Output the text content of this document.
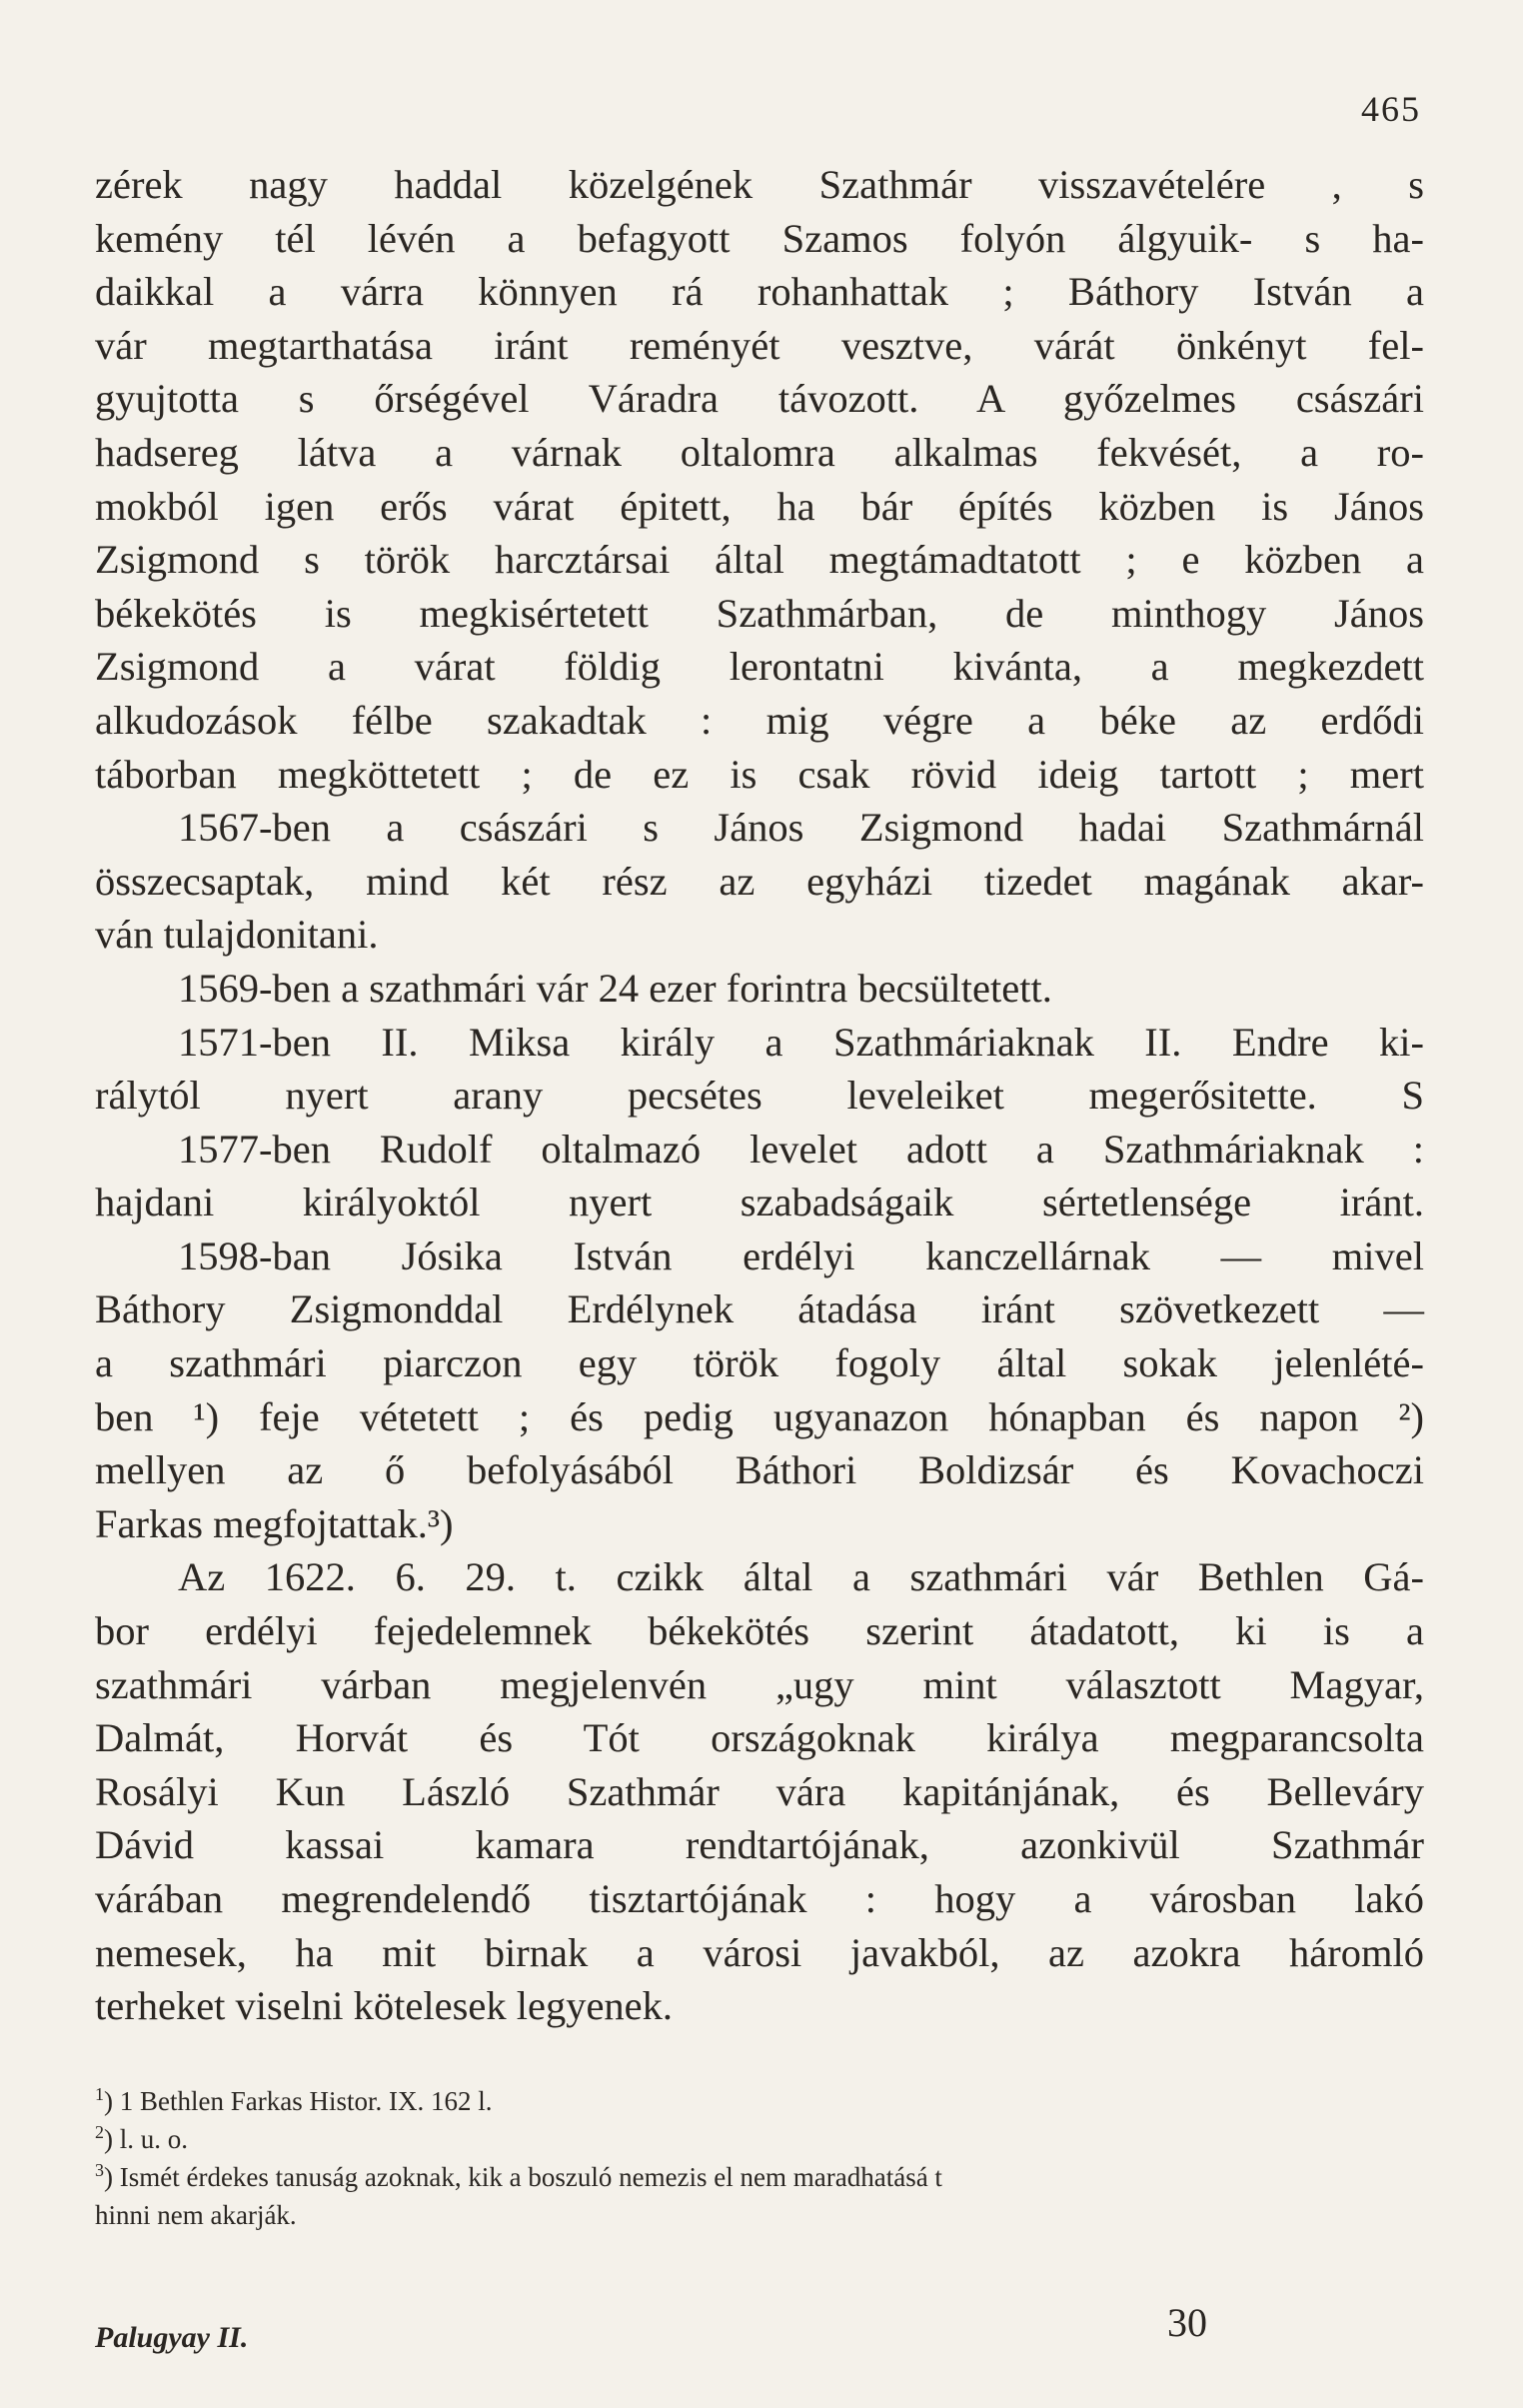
465
zérek nagy haddal közelgének Szathmár visszavételére , s
kemény tél lévén a befagyott Szamos folyón álgyuik- s ha-
daikkal a várra könnyen rá rohanhattak ; Báthory István a
vár megtarthatása iránt reményét vesztve, várát önkényt fel-
gyujtotta s őrségével Váradra távozott. A győzelmes császári
hadsereg látva a várnak oltalomra alkalmas fekvését, a ro-
mokból igen erős várat épitett, ha bár építés közben is János
Zsigmond s török harcztársai által megtámadtatott ; e közben a
békekötés is megkisértetett Szathmárban, de minthogy János
Zsigmond a várat földig lerontatni kivánta, a megkezdett
alkudozások félbe szakadtak : mig végre a béke az erdődi
táborban megköttetett ; de ez is csak rövid ideig tartott ; mert
1567-ben a császári s János Zsigmond hadai Szathmárnál
összecsaptak, mind két rész az egyházi tizedet magának akar-
ván tulajdonitani.
1569-ben a szathmári vár 24 ezer forintra becsültetett.
1571-ben II. Miksa király a Szathmáriaknak II. Endre ki-
rálytól nyert arany pecsétes leveleiket megerősitette. S
1577-ben Rudolf oltalmazó levelet adott a Szathmáriaknak :
hajdani királyoktól nyert szabadságaik sértetlensége iránt.
1598-ban Jósika István erdélyi kanczellárnak — mivel
Báthory Zsigmonddal Erdélynek átadása iránt szövetkezett —
a szathmári piarczon egy török fogoly által sokak jelenlété-
ben ¹) feje vétetett ; és pedig ugyanazon hónapban és napon ²)
mellyen az ő befolyásából Báthori Boldizsár és Kovachoczi
Farkas megfojtattak.³)
Az 1622. 6. 29. t. czikk által a szathmári vár Bethlen Gá-
bor erdélyi fejedelemnek békekötés szerint átadatott, ki is a
szathmári várban megjelenvén „ugy mint választott Magyar,
Dalmát, Horvát és Tót országoknak királya megparancsolta
Rosályi Kun László Szathmár vára kapitánjának, és Bellevárу
Dávid kassai kamara rendtartójának, azonkivül Szathmár
várában megrendelendő tisztartójának : hogy a városban lakó
nemesek, ha mit birnak a városi javakból, az azokra háromló
terheket viselni kötelesek legyenek.
$^1$) 1 Bethlen Farkas Histor. IX. 162 l.
$^2$) l. u. o.
$^3$) Ismét érdekes tanuság azoknak, kik a boszuló nemezis el nem maradhatásá t
hinni nem akarják.
Palugyay II.	30
